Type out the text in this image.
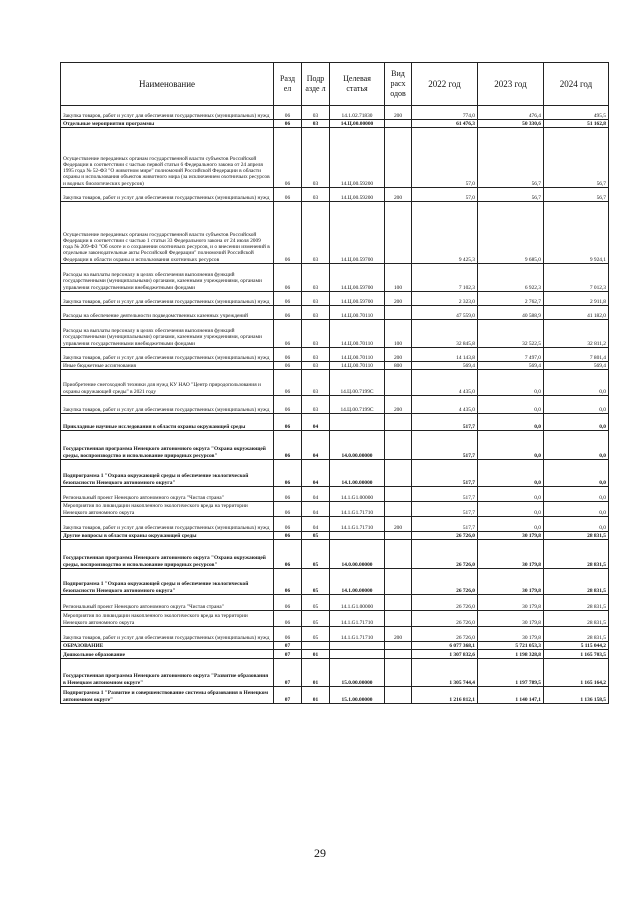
Наименование	Разд ел	Подр азде л	Целевая статья	Вид расх одов	2022 год	2023 год	2024 год
Закупка товаров, работ и услуг для обеспечения государственных (муниципальных) нужд	06	03	14.1.02.71830	200	774,0	476,4	495,5
Отдельные мероприятия программы	06	03	14.Ц.00.00000		61 476,3	50 330,6	51 162,8
Осуществление переданных органам государственной власти субъектов Российской Федерации в соответствии с частью первой статьи 6 Федерального закона от 24 апреля 1995 года № 52-ФЗ "О животном мире" полномочий Российской Федерации в области охраны и использования объектов животного мира (за исключением охотничьих ресурсов и водных биологических ресурсов)	06	03	14.Ц.00.59200		57,0	56,7	56,7
Закупка товаров, работ и услуг для обеспечения государственных (муниципальных) нужд	06	03	14.Ц.00.59200	200	57,0	56,7	56,7
Осуществление переданных органам государственной власти субъектов Российской Федерации в соответствии с частью 1 статьи 33 Федерального закона от 24 июля 2009 года № 209-ФЗ "Об охоте и о сохранении охотничьих ресурсов, и о внесении изменений в отдельные законодательные акты Российской Федерации" полномочий Российской Федерации в области охраны и использования охотничьих ресурсов	06	03	14.Ц.00.59700		9 425,3	9 685,0	9 924,1
Расходы на выплаты персоналу в целях обеспечения выполнения функций государственными (муниципальными) органами, казенными учреждениями, органами управления государственными внебюджетными фондами	06	03	14.Ц.00.59700	100	7 102,3	6 922,3	7 012,3
Закупка товаров, работ и услуг для обеспечения государственных (муниципальных) нужд	06	03	14.Ц.00.59700	200	2 323,0	2 762,7	2 911,8
Расходы на обеспечение деятельности подведомственных казенных учреждений	06	03	14.Ц.00.70110		47 559,0	40 588,9	41 182,0
Расходы на выплаты персоналу в целях обеспечения выполнения функций государственными (муниципальными) органами, казенными учреждениями, органами управления государственными внебюджетными фондами	06	03	14.Ц.00.70110	100	32 845,8	32 522,5	32 811,2
Закупка товаров, работ и услуг для обеспечения государственных (муниципальных) нужд	06	03	14.Ц.00.70110	200	14 143,8	7 497,0	7 801,4
Иные бюджетные ассигнования	06	03	14.Ц.00.70110	800	569,4	569,4	569,4
Приобретение снегоходной техники для нужд КУ НАО "Центр природопользования и охраны окружающей среды" в 2021 году	06	03	14.Ц.00.7199С		4 435,0	0,0	0,0
Закупка товаров, работ и услуг для обеспечения государственных (муниципальных) нужд	06	03	14.Ц.00.7199С	200	4 435,0	0,0	0,0
Прикладные научные исследования в области охраны окружающей среды	06	04			517,7	0,0	0,0
Государственная программа Ненецкого автономного округа "Охрана окружающей среды, воспроизводство и использование природных ресурсов"	06	04	14.0.00.00000		517,7	0,0	0,0
Подпрограмма 1 "Охрана окружающей среды и обеспечение экологической безопасности Ненецкого автономного округа"	06	04	14.1.00.00000		517,7	0,0	0,0
Региональный проект Ненецкого автономного округа "Чистая страна"	06	04	14.1.G1.00000		517,7	0,0	0,0
Мероприятия по ликвидации накопленного экологического вреда на территории Ненецкого автономного округа	06	04	14.1.G1.71710		517,7	0,0	0,0
Закупка товаров, работ и услуг для обеспечения государственных (муниципальных) нужд	06	04	14.1.G1.71710	200	517,7	0,0	0,0
Другие вопросы в области охраны окружающей среды	06	05			26 726,0	30 179,8	28 831,5
Государственная программа Ненецкого автономного округа "Охрана окружающей среды, воспроизводство и использование природных ресурсов"	06	05	14.0.00.00000		26 726,0	30 179,8	28 831,5
Подпрограмма 1 "Охрана окружающей среды и обеспечение экологической безопасности Ненецкого автономного округа"	06	05	14.1.00.00000		26 726,0	30 179,8	28 831,5
Региональный проект Ненецкого автономного округа "Чистая страна"	06	05	14.1.G1.00000		26 726,0	30 179,8	28 831,5
Мероприятия по ликвидации накопленного экологического вреда на территории Ненецкого автономного округа	06	05	14.1.G1.71710		26 726,0	30 179,8	28 831,5
Закупка товаров, работ и услуг для обеспечения государственных (муниципальных) нужд	06	05	14.1.G1.71710	200	26 726,0	30 179,8	28 831,5
ОБРАЗОВАНИЕ	07				6 077 368,1	5 721 053,3	5 115 044,2
Дошкольное образование	07	01			1 307 832,6	1 198 328,8	1 165 703,5
Государственная программа Ненецкого автономного округа "Развитие образования в Ненецком автономном округе"	07	01	15.0.00.00000		1 305 744,4	1 197 789,5	1 165 164,2
Подпрограмма 1 "Развитие и совершенствование системы образования в Ненецком автономном округе"	07	01	15.1.00.00000		1 216 812,1	1 140 147,1	1 136 158,5
29
